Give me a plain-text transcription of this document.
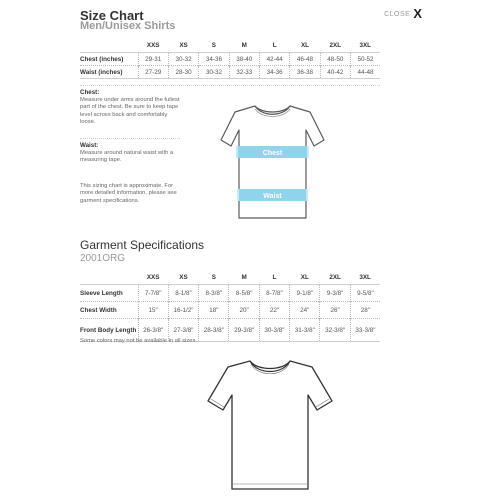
Size Chart
Men/Unisex Shirts
CLOSE X
	XXS	XS	S	M	L	XL	2XL	3XL
Chest (inches)	29-31	30-32	34-36	38-40	42-44	46-48	48-50	50-52
Waist (inches)	27-29	28-30	30-32	32-33	34-36	36-38	40-42	44-48
Chest:
Measure under arms around the fullest part of the chest. Be sure to keep tape level across back and comfortably loose.
Waist:
Measure around natural waist with a measuring tape.
This sizing chart is approximate. For more detailed information, please see garment specifications.
Chest
Waist
Garment Specifications
2001ORG
	XXS	XS	S	M	L	XL	2XL	3XL
Sleeve Length	7-7/8"	8-1/8"	8-3/8"	8-5/8"	8-7/8"	9-1/8"	9-3/8"	9-5/8"
Chest Width	15"	16-1/2"	18"	20"	22"	24"	26"	28"
Front Body Length	26-3/8"	27-3/8"	28-3/8"	29-3/8"	30-3/8"	31-3/8"	32-3/8"	33-3/8"
Some colors may not be available in all sizes.
